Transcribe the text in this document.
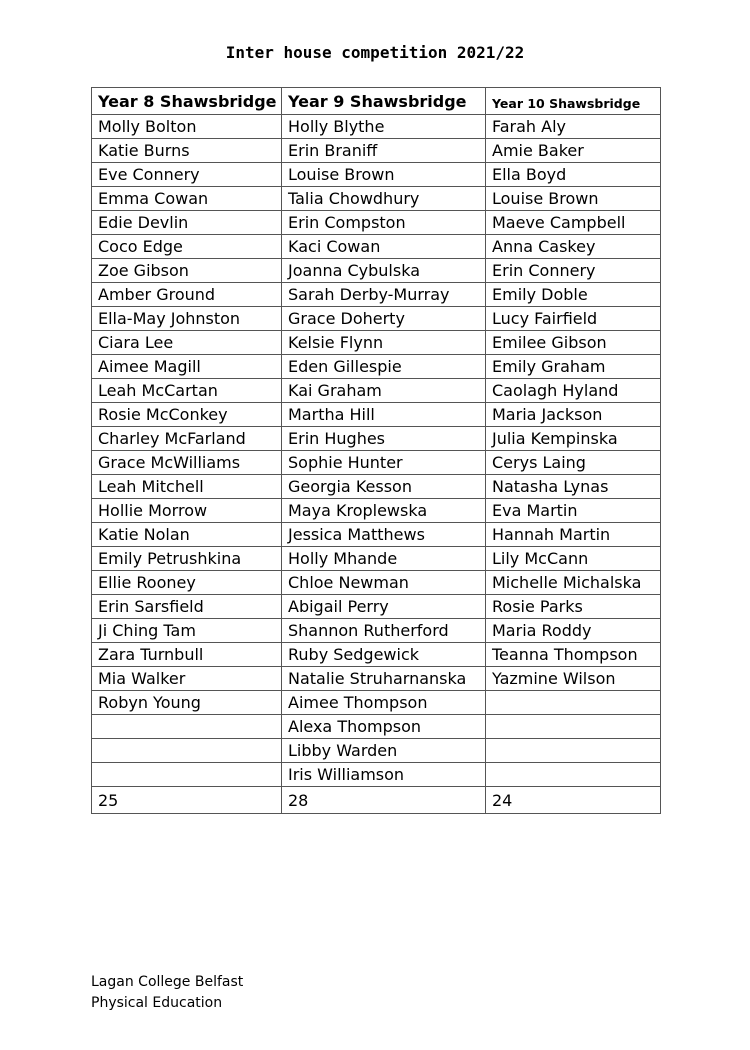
Inter house competition 2021/22
Year 8 Shawsbridge	Year 9 Shawsbridge	Year 10 Shawsbridge
Molly Bolton	Holly Blythe	Farah Aly
Katie Burns	Erin Braniff	Amie Baker
Eve Connery	Louise Brown	Ella Boyd
Emma Cowan	Talia Chowdhury	Louise Brown
Edie Devlin	Erin Compston	Maeve Campbell
Coco Edge	Kaci Cowan	Anna Caskey
Zoe Gibson	Joanna Cybulska	Erin Connery
Amber Ground	Sarah Derby-Murray	Emily Doble
Ella-May Johnston	Grace Doherty	Lucy Fairfield
Ciara Lee	Kelsie Flynn	Emilee Gibson
Aimee Magill	Eden Gillespie	Emily Graham
Leah McCartan	Kai Graham	Caolagh Hyland
Rosie McConkey	Martha Hill	Maria Jackson
Charley McFarland	Erin Hughes	Julia Kempinska
Grace McWilliams	Sophie Hunter	Cerys Laing
Leah Mitchell	Georgia Kesson	Natasha Lynas
Hollie Morrow	Maya Kroplewska	Eva Martin
Katie Nolan	Jessica Matthews	Hannah Martin
Emily Petrushkina	Holly Mhande	Lily McCann
Ellie Rooney	Chloe Newman	Michelle Michalska
Erin Sarsfield	Abigail Perry	Rosie Parks
Ji Ching Tam	Shannon Rutherford	Maria Roddy
Zara Turnbull	Ruby Sedgewick	Teanna Thompson
Mia Walker	Natalie Struharnanska	Yazmine Wilson
Robyn Young	Aimee Thompson	
	Alexa Thompson	
	Libby Warden	
	Iris Williamson	
25	28	24
Lagan College Belfast
Physical Education
